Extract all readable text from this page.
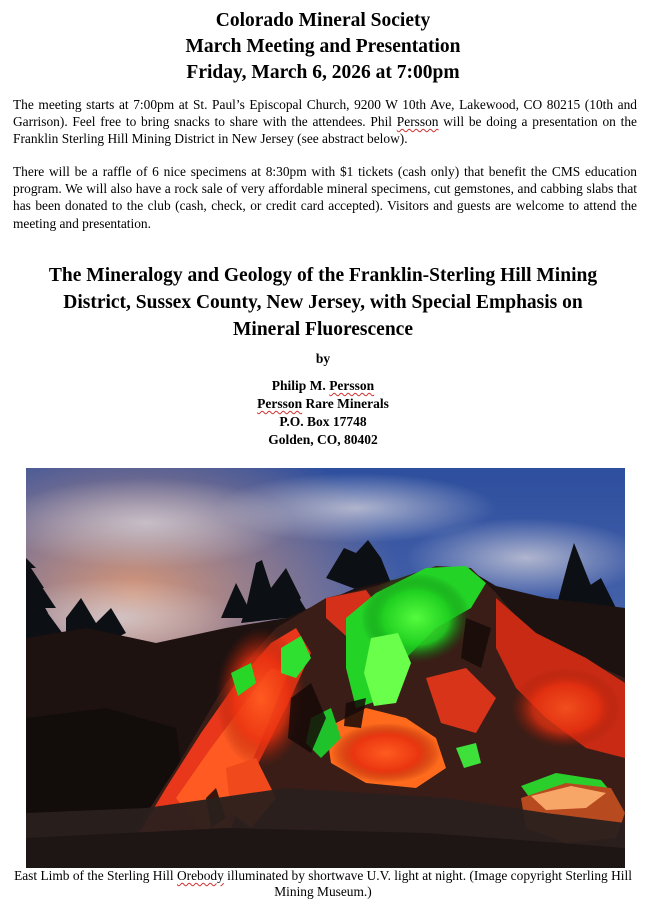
Colorado Mineral Society
March Meeting and Presentation
Friday, March 6, 2026 at 7:00pm
The meeting starts at 7:00pm at St. Paul’s Episcopal Church, 9200 W 10th Ave, Lakewood, CO 80215 (10th and Garrison). Feel free to bring snacks to share with the attendees. Phil Persson will be doing a presentation on the Franklin Sterling Hill Mining District in New Jersey (see abstract below).
There will be a raffle of 6 nice specimens at 8:30pm with $1 tickets (cash only) that benefit the CMS education program. We will also have a rock sale of very affordable mineral specimens, cut gemstones, and cabbing slabs that has been donated to the club (cash, check, or credit card accepted). Visitors and guests are welcome to attend the meeting and presentation.
The Mineralogy and Geology of the Franklin-Sterling Hill Mining
District, Sussex County, New Jersey, with Special Emphasis on
Mineral Fluorescence
by
Philip M. Persson
Persson Rare Minerals
P.O. Box 17748
Golden, CO, 80402
East Limb of the Sterling Hill Orebody illuminated by shortwave U.V. light at night. (Image copyright Sterling Hill Mining Museum.)
